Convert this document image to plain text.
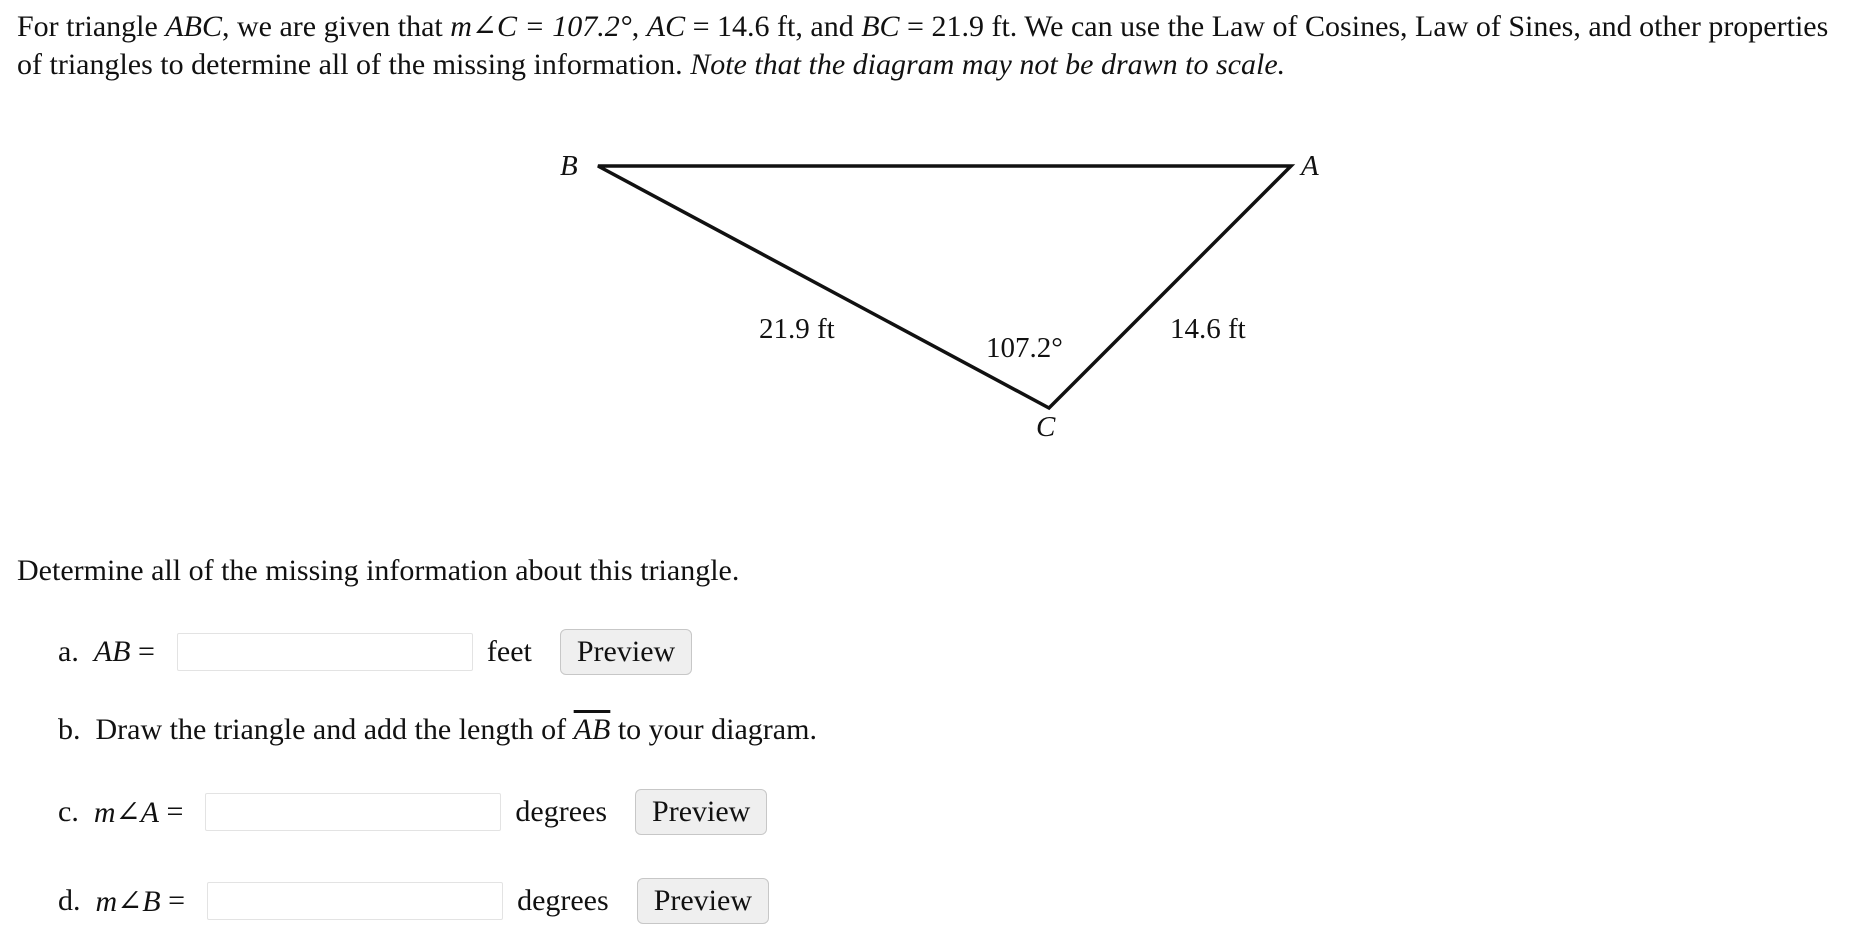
For triangle ABC, we are given that m∠C = 107.2°, AC = 14.6 ft, and BC = 21.9 ft. We can use the Law of Cosines, Law of Sines, and other properties of triangles to determine all of the missing information. Note that the diagram may not be drawn to scale.
B	A
C
21.9 ft	14.6 ft
107.2°
Determine all of the missing information about this triangle.
a. AB =	feet	Preview
b.  Draw the triangle and add the length of $\overline{AB}$ to your diagram.
c. m∠A =	degrees	Preview
d. m∠B =	degrees	Preview
